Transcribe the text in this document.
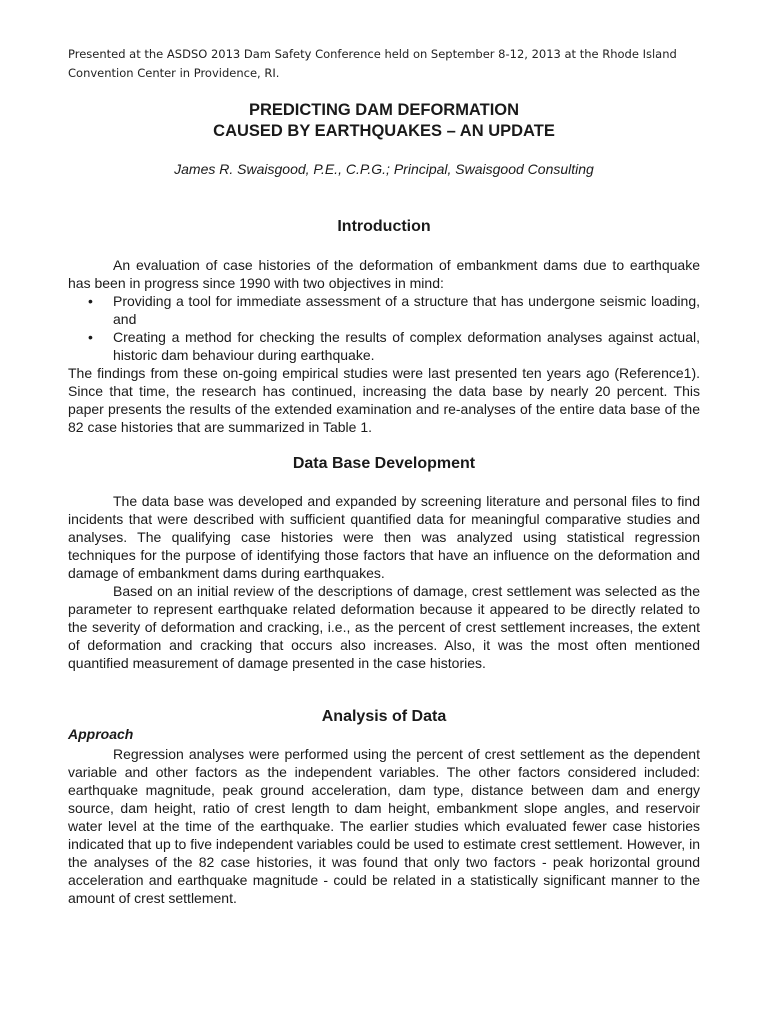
Presented at the ASDSO 2013 Dam Safety Conference held on September 8-12, 2013 at the Rhode Island Convention Center in Providence, RI.
PREDICTING DAM DEFORMATION
CAUSED BY EARTHQUAKES – AN UPDATE
James R. Swaisgood, P.E., C.P.G.; Principal, Swaisgood Consulting
Introduction

An evaluation of case histories of the deformation of embankment dams due to earthquake has been in progress since 1990 with two objectives in mind:

• Providing a tool for immediate assessment of a structure that has undergone seismic loading, and
• Creating a method for checking the results of complex deformation analyses against actual, historic dam behaviour during earthquake.

The findings from these on-going empirical studies were last presented ten years ago (Reference1). Since that time, the research has continued, increasing the data base by nearly 20 percent. This paper presents the results of the extended examination and re-analyses of the entire data base of the 82 case histories that are summarized in Table 1.

Data Base Development

The data base was developed and expanded by screening literature and personal files to find incidents that were described with sufficient quantified data for meaningful comparative studies and analyses. The qualifying case histories were then was analyzed using statistical regression techniques for the purpose of identifying those factors that have an influence on the deformation and damage of embankment dams during earthquakes.

Based on an initial review of the descriptions of damage, crest settlement was selected as the parameter to represent earthquake related deformation because it appeared to be directly related to the severity of deformation and cracking, i.e., as the percent of crest settlement increases, the extent of deformation and cracking that occurs also increases. Also, it was the most often mentioned quantified measurement of damage presented in the case histories.

Analysis of Data
Approach

Regression analyses were performed using the percent of crest settlement as the dependent variable and other factors as the independent variables. The other factors considered included: earthquake magnitude, peak ground acceleration, dam type, distance between dam and energy source, dam height, ratio of crest length to dam height, embankment slope angles, and reservoir water level at the time of the earthquake. The earlier studies which evaluated fewer case histories indicated that up to five independent variables could be used to estimate crest settlement. However, in the analyses of the 82 case histories, it was found that only two factors - peak horizontal ground acceleration and earthquake magnitude - could be related in a statistically significant manner to the amount of crest settlement.
